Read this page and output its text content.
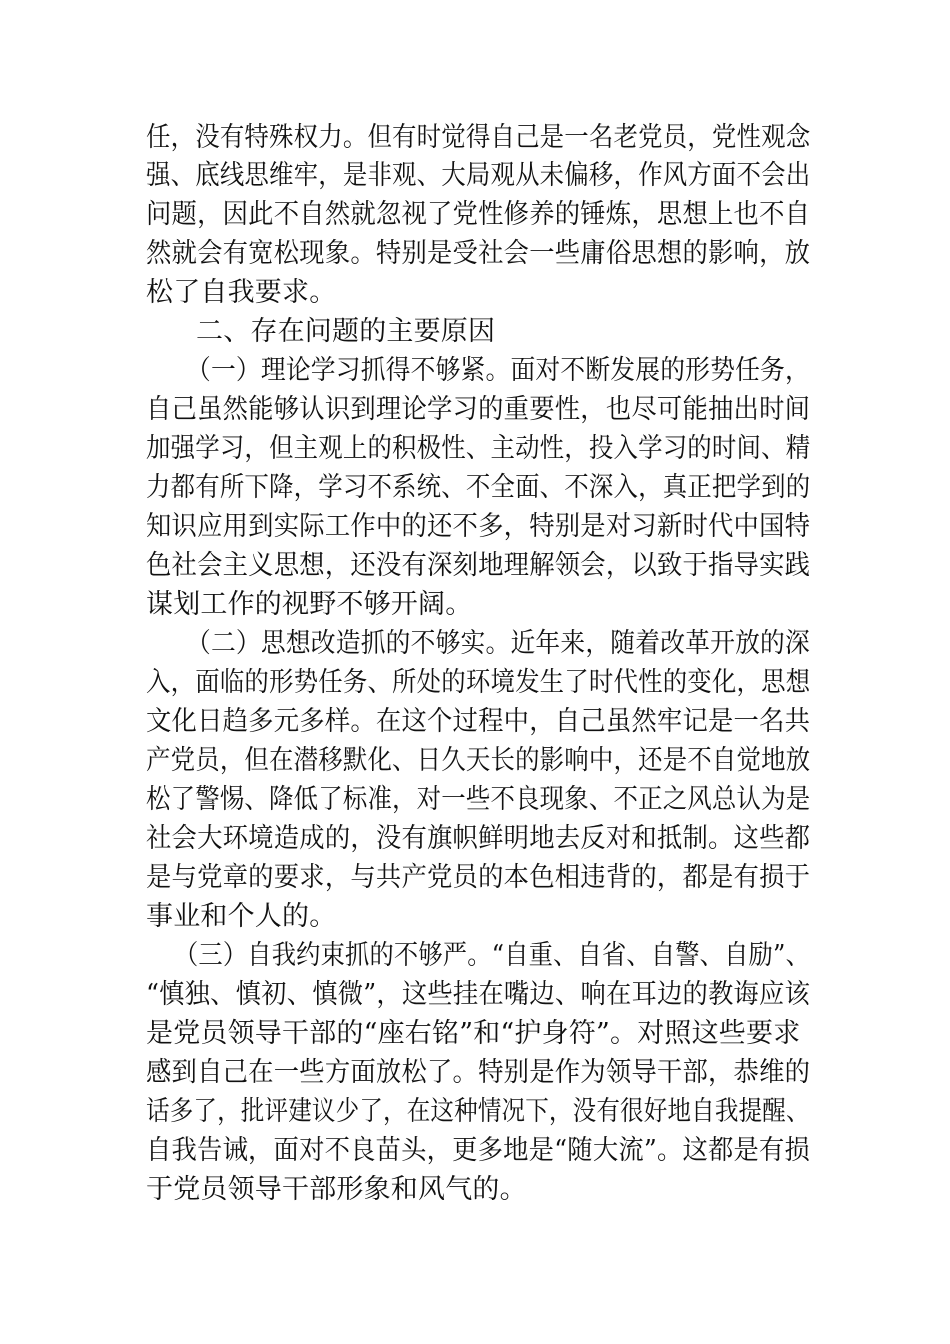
任，没有特殊权力。但有时觉得自己是一名老党员，党性观念
强、底线思维牢，是非观、大局观从未偏移，作风方面不会出
问题，因此不自然就忽视了党性修养的锤炼，思想上也不自
然就会有宽松现象。特别是受社会一些庸俗思想的影响，放
松了自我要求。
二、存在问题的主要原因
（一）理论学习抓得不够紧。面对不断发展的形势任务，
自己虽然能够认识到理论学习的重要性，也尽可能抽出时间
加强学习，但主观上的积极性、主动性，投入学习的时间、精
力都有所下降，学习不系统、不全面、不深入，真正把学到的
知识应用到实际工作中的还不多，特别是对习新时代中国特
色社会主义思想，还没有深刻地理解领会，以致于指导实践
谋划工作的视野不够开阔。
（二）思想改造抓的不够实。近年来，随着改革开放的深
入，面临的形势任务、所处的环境发生了时代性的变化，思想
文化日趋多元多样。在这个过程中，自己虽然牢记是一名共
产党员，但在潜移默化、日久天长的影响中，还是不自觉地放
松了警惕、降低了标准，对一些不良现象、不正之风总认为是
社会大环境造成的，没有旗帜鲜明地去反对和抵制。这些都
是与党章的要求，与共产党员的本色相违背的，都是有损于
事业和个人的。
（三）自我约束抓的不够严。“自重、自省、自警、自励”、
“慎独、慎初、慎微”，这些挂在嘴边、响在耳边的教诲应该
是党员领导干部的“座右铭”和“护身符”。对照这些要求
感到自己在一些方面放松了。特别是作为领导干部，恭维的
话多了，批评建议少了，在这种情况下，没有很好地自我提醒、
自我告诫，面对不良苗头，更多地是“随大流”。这都是有损
于党员领导干部形象和风气的。
